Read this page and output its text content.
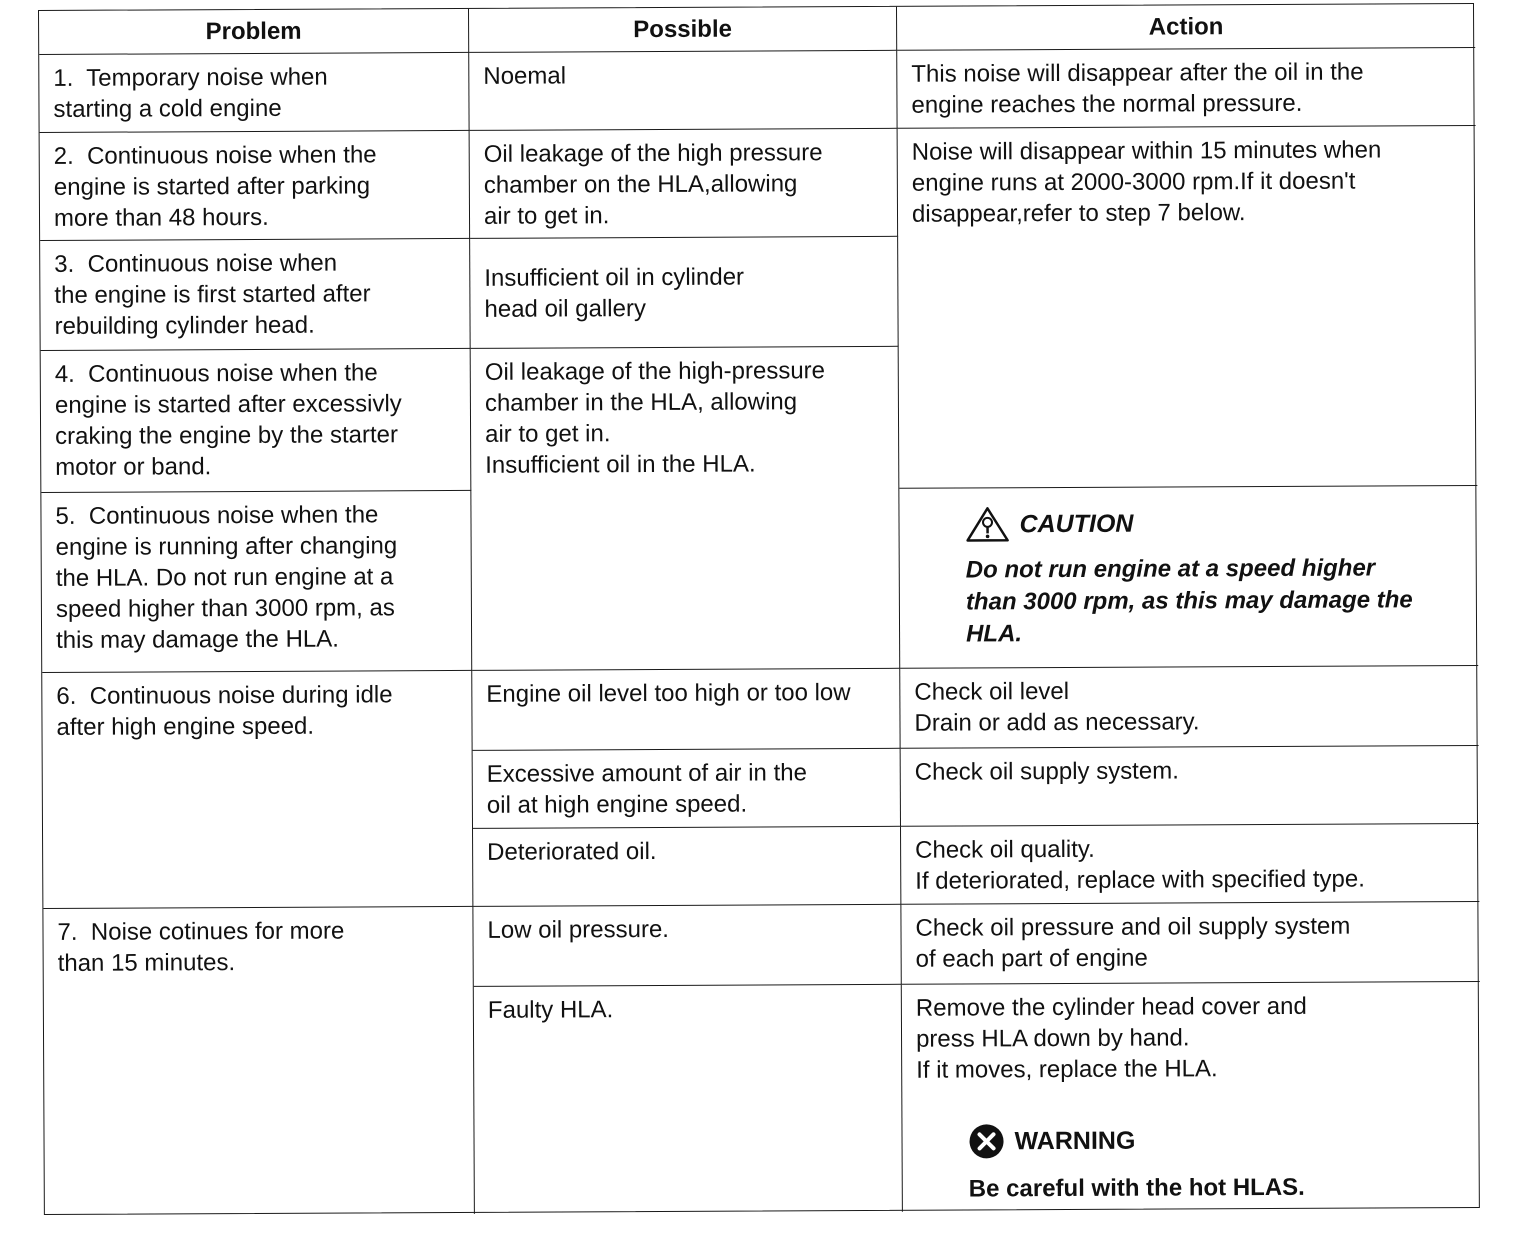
Problem	Possible	Action
1.  Temporary noise when
starting a cold engine
2.  Continuous noise when the
engine is started after parking
more than 48 hours.
3.  Continuous noise when
the engine is first started after
rebuilding cylinder head.
4.  Continuous noise when the
engine is started after excessivly
craking the engine by the starter
motor or band.
5.  Continuous noise when the
engine is running after changing
the HLA. Do not run engine at a
speed higher than 3000 rpm, as
this may damage the HLA.
6.  Continuous noise during idle
after high engine speed.
7.  Noise cotinues for more
than 15 minutes.
Noemal
Oil leakage of the high pressure
chamber on the HLA,allowing
air to get in.
Insufficient oil in cylinder
head oil gallery
Oil leakage of the high-pressure
chamber in the HLA, allowing
air to get in.
Insufficient oil in the HLA.
Engine oil level too high or too low
Excessive amount of air in the
oil at high engine speed.
Deteriorated oil.
Low oil pressure.
Faulty HLA.
This noise will disappear after the oil in the
engine reaches the normal pressure.
Noise will disappear within 15 minutes when
engine runs at 2000-3000 rpm.If it doesn't
disappear,refer to step 7 below.
CAUTION
Do not run engine at a speed higher
than 3000 rpm, as this may damage the
HLA.
Check oil level
Drain or add as necessary.
Check oil supply system.
Check oil quality.
If deteriorated, replace with specified type.
Check oil pressure and oil supply system
of each part of engine
Remove the cylinder head cover and
press HLA down by hand.
If it moves, replace the HLA.
WARNING
Be careful with the hot HLAS.
